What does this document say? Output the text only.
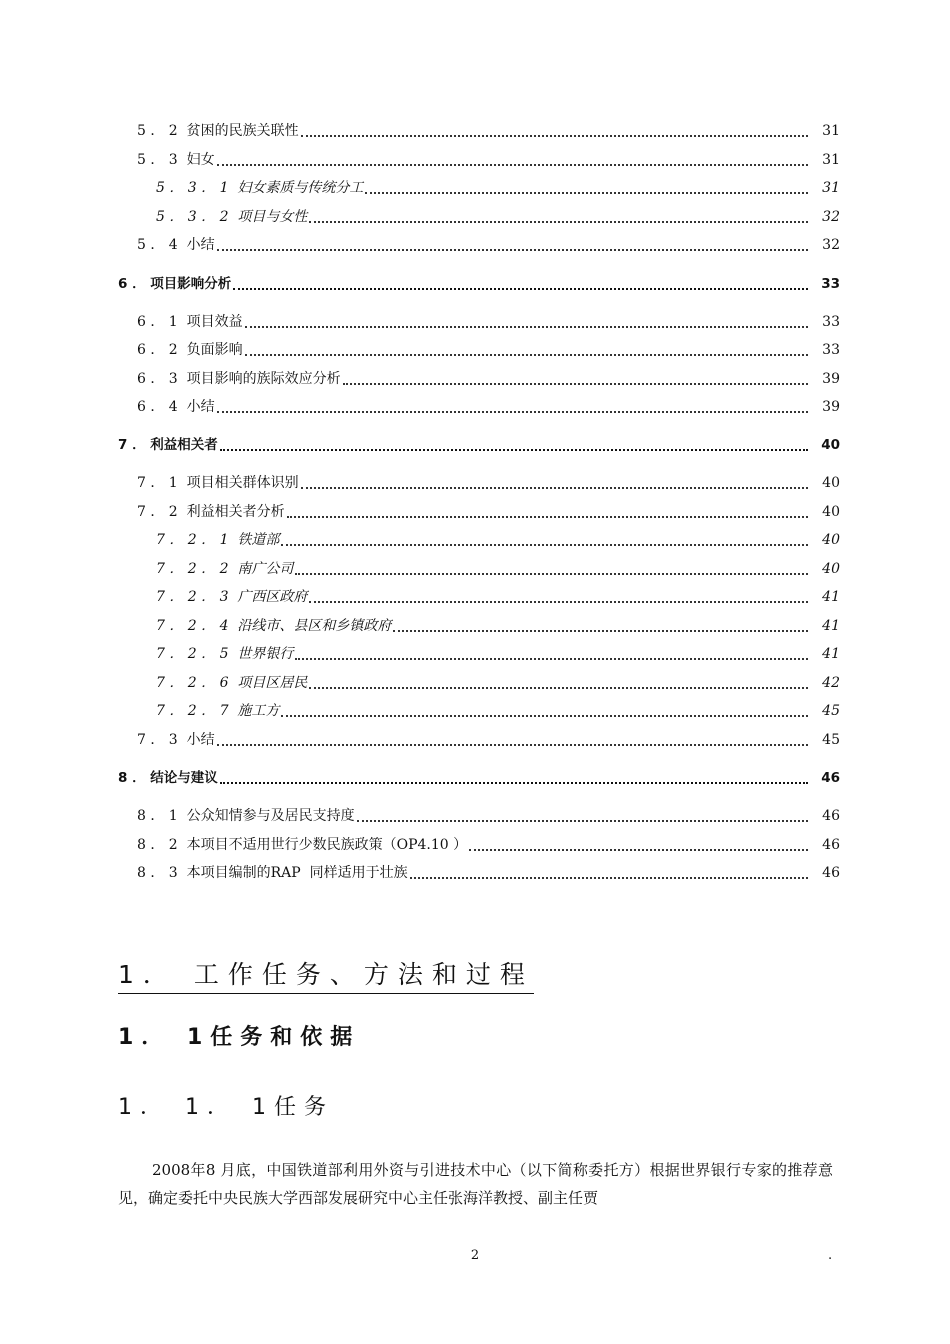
5 ． 2  贫困的民族关联性	31
5 ． 3  妇女	31
5 ． 3 ． 1  妇女素质与传统分工	31
5 ． 3 ． 2  项目与女性	32
5 ． 4  小结	32
6 ． 项目影响分析	33
6 ． 1  项目效益	33
6 ． 2  负面影响	33
6 ． 3  项目影响的族际效应分析	39
6 ． 4  小结	39
7 ． 利益相关者	40
7 ． 1  项目相关群体识别	40
7 ． 2  利益相关者分析	40
7 ． 2 ． 1  铁道部	40
7 ． 2 ． 2  南广公司	40
7 ． 2 ． 3  广西区政府	41
7 ． 2 ． 4  沿线市、县区和乡镇政府	41
7 ． 2 ． 5  世界银行	41
7 ． 2 ． 6  项目区居民	42
7 ． 2 ． 7  施工方	45
7 ． 3  小结	45
8 ． 结论与建议	46
8 ． 1  公众知情参与及居民支持度	46
8 ． 2  本项目不适用世行少数民族政策（OP4.10 ）	46
8 ． 3  本项目编制的RAP  同样适用于壮族	46
1． 工作任务、方法和过程
1． 1任务和依据
1． 1． 1任务
2008年8 月底，中国铁道部利用外资与引进技术中心（以下简称委托方）根据世界银行专家的推荐意见，确定委托中央民族大学西部发展研究中心主任张海洋教授、副主任贾
2	.
